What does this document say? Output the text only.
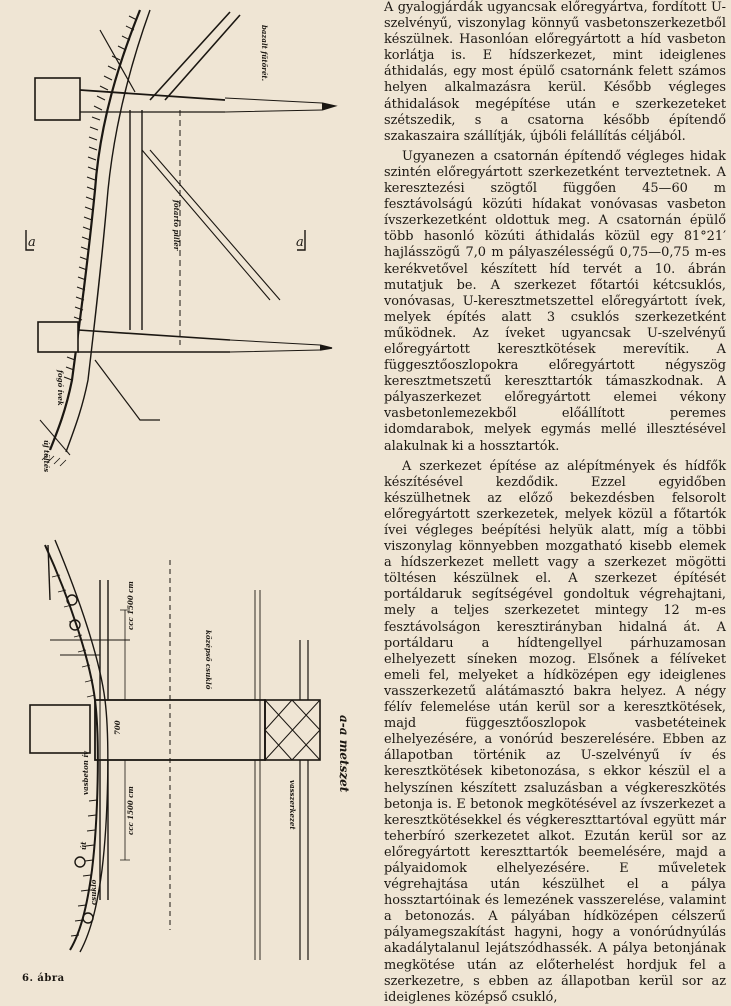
bazalt fűtőrét.
főtartó pillér
fogó ívek
új töltés
ccc 1500 cm
középső csukló
ccc 1500 cm
700
vasszerkezet
vasbeton ív
út
csukló
a	a
a-a metszet
6. ábra

A gyalogjárdák ugyancsak előregyártva, fordított U-szelvényű, viszonylag könnyű vasbetonszerkezetből készülnek. Hasonlóan előregyártott a híd vasbeton korlátja is. E hídszerkezet, mint ideiglenes áthidalás, egy most épülő csatornánk felett számos helyen alkalmazásra kerül. Később végleges áthidalások megépítése után e szerkezeteket szétszedik, s a csatorna később építendő szakaszaira szállítják, újbóli felállítás céljából.

Ugyanezen a csatornán építendő végleges hidak szintén előregyártott szerkezetként terveztetnek. A keresztezési szögtől függően 45—60 m fesztávolságú közúti hídakat vonóvasas vasbeton ívszerkezetként oldottuk meg. A csatornán épülő több hasonló közúti áthidalás közül egy 81°21′ hajlásszögű 7,0 m pályaszélességű 0,75—0,75 m-es kerékvetővel készített híd tervét a 10. ábrán mutatjuk be. A szerkezet főtartói kétcsuklós, vonóvasas, U-keresztmetszettel előregyártott ívek, melyek építés alatt 3 csuklós szerkezetként működnek. Az íveket ugyancsak U-szelvényű előregyártott keresztkötések merevítik. A függesztőoszlopokra előregyártott négyszög keresztmetszetű kereszttartók támaszkodnak. A pályaszerkezet előregyártott elemei vékony vasbetonlemezekből előállított peremes idomdarabok, melyek egymás mellé illesztésével alakulnak ki a hossztartók.

A szerkezet építése az alépítmények és hídfők készítésével kezdődik. Ezzel egyidőben készülhetnek az előző bekezdésben felsorolt előregyártott szerkezetek, melyek közül a főtartók ívei végleges beépítési helyük alatt, míg a többi viszonylag könnyebben mozgatható kisebb elemek a hídszerkezet mellett vagy a szerkezet mögötti töltésen készülnek el. A szerkezet építését portáldaruk segítségével gondoltuk végrehajtani, mely a teljes szerkezetet mintegy 12 m-es fesztávolságon keresztirányban hidalná át. A portáldaru a hídtengellyel párhuzamosan elhelyezett síneken mozog. Elsőnek a félíveket emeli fel, melyeket a hídközépen egy ideiglenes vasszerkezetű alátámasztó bakra helyez. A négy félív felemelése után kerül sor a keresztkötések, majd függesztőoszlopok vasbetéteinek elhelyezésére, a vonórúd beszerelésére. Ebben az állapotban történik az U-szelvényű ív és keresztkötések kibetonozása, s ekkor készül el a helyszínen készített zsaluzásban a végkereszkötés betonja is. E betonok megkötésével az ívszerkezet a keresztkötésekkel és végkereszttartóval együtt már teherbíró szerkezetet alkot. Ezután kerül sor az előregyártott kereszttartók beemelésére, majd a pályaidomok elhelyezésére. E műveletek végrehajtása után készülhet el a pálya hossztartóinak és lemezének vasszerelése, valamint a betonozás. A pályában hídközépen célszerű pályamegszakítást hagyni, hogy a vonórúdnyúlás akadálytalanul lejátszódhassék. A pálya betonjának megkötése után az előterhelést hordjuk fel a szerkezetre, s ebben az állapotban kerül sor az ideiglenes középső csukló,
